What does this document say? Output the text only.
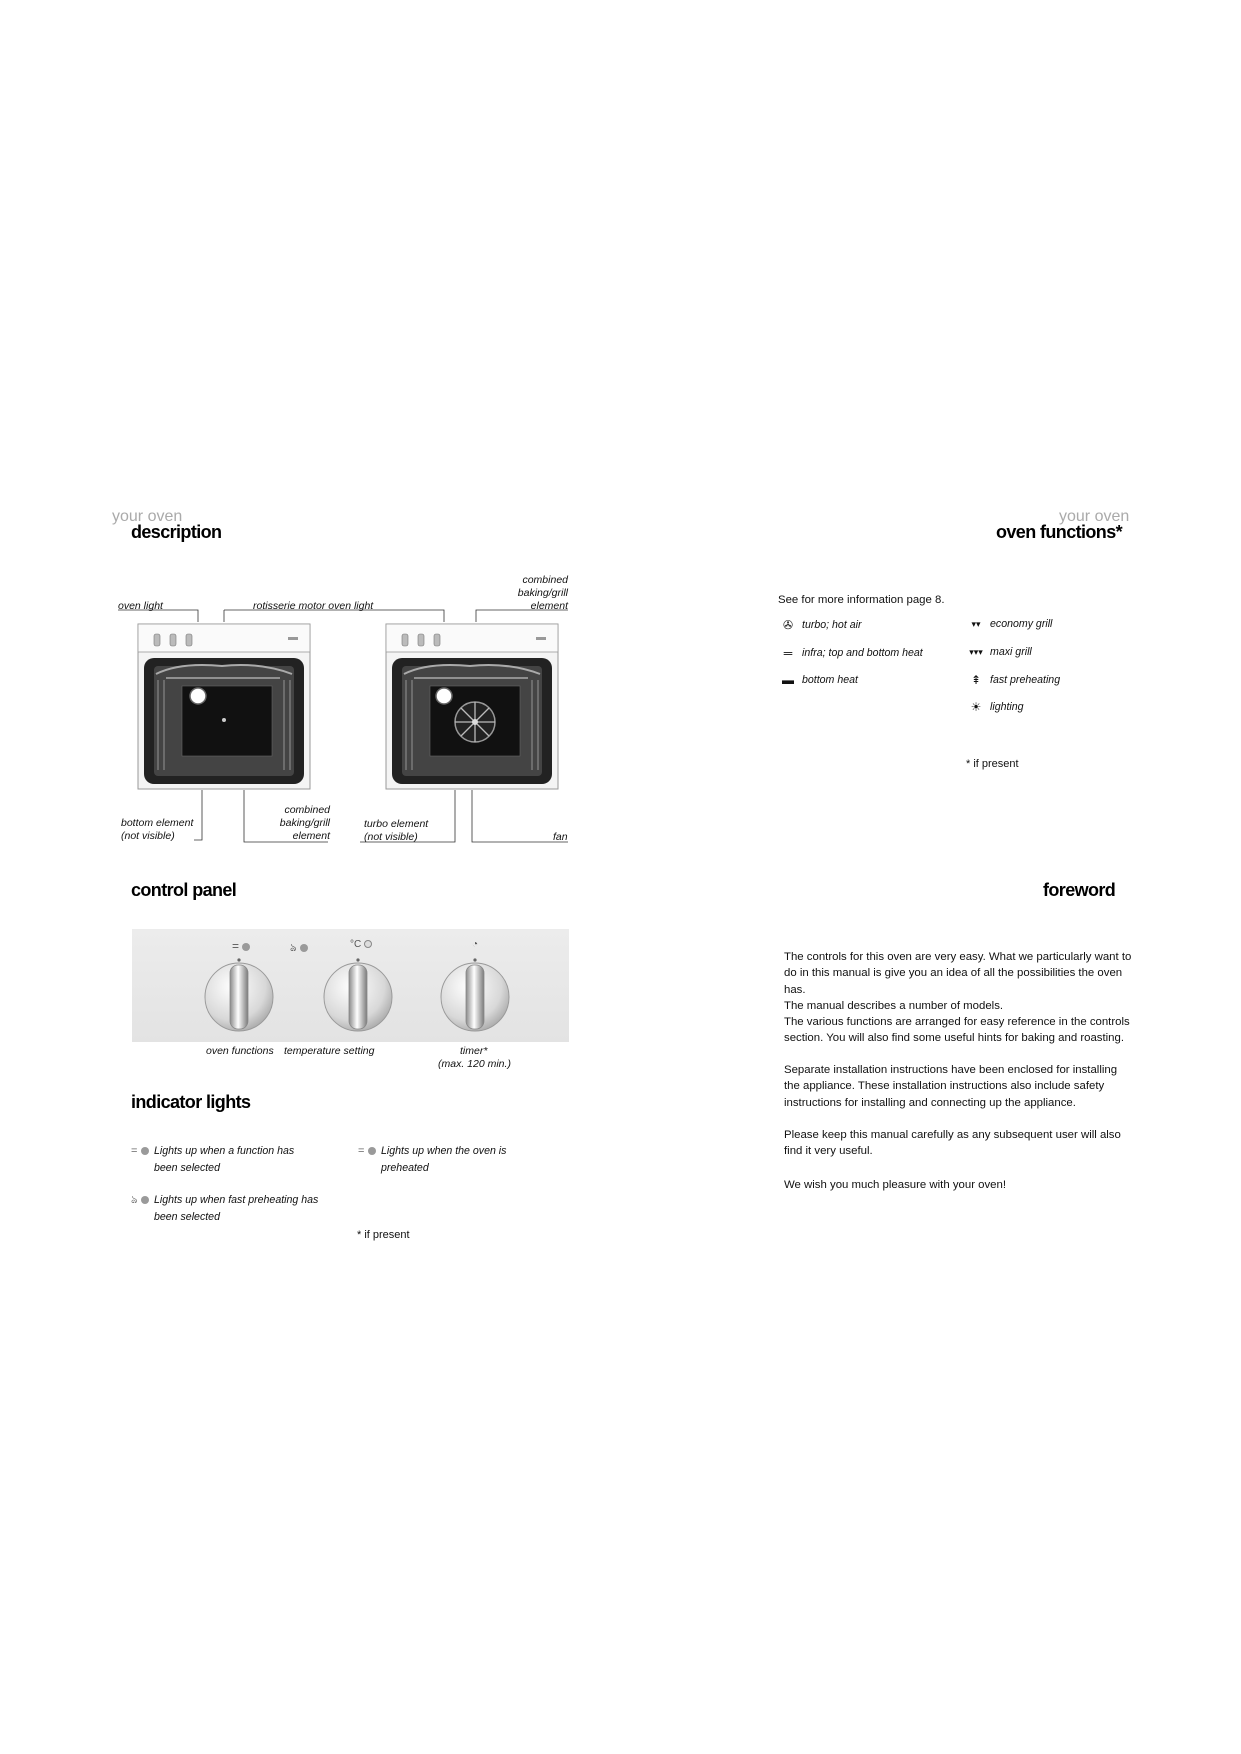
your oven
description
oven light	rotisserie motor oven light
combined
baking/grill
element
bottom element
(not visible)
combined
baking/grill
element
turbo element
(not visible)	fan
control panel
=	ঌ	°C	◔
oven functions temperature setting	timer*
(max. 120 min.)
indicator lights
=	Lights up when a function has
been selected
=	Lights up when the oven is
preheated
ঌ	Lights up when fast preheating has
been selected
* if present
your oven
oven functions*
See for more information page 8.
✇ turbo; hot air
═ infra; top and bottom heat
▬ bottom heat
▾▾ economy grill
▾▾▾ maxi grill
⇞ fast preheating
☀ lighting
* if present
foreword
The controls for this oven are very easy. What we particularly want to do in this manual is give you an idea of all the possibilities the oven has.
The manual describes a number of models.
The various functions are arranged for easy reference in the controls section. You will also find some useful hints for baking and roasting.
Separate installation instructions have been enclosed for installing the appliance. These installation instructions also include safety instructions for installing and connecting up the appliance.
Please keep this manual carefully as any subsequent user will also find it very useful.
We wish you much pleasure with your oven!
